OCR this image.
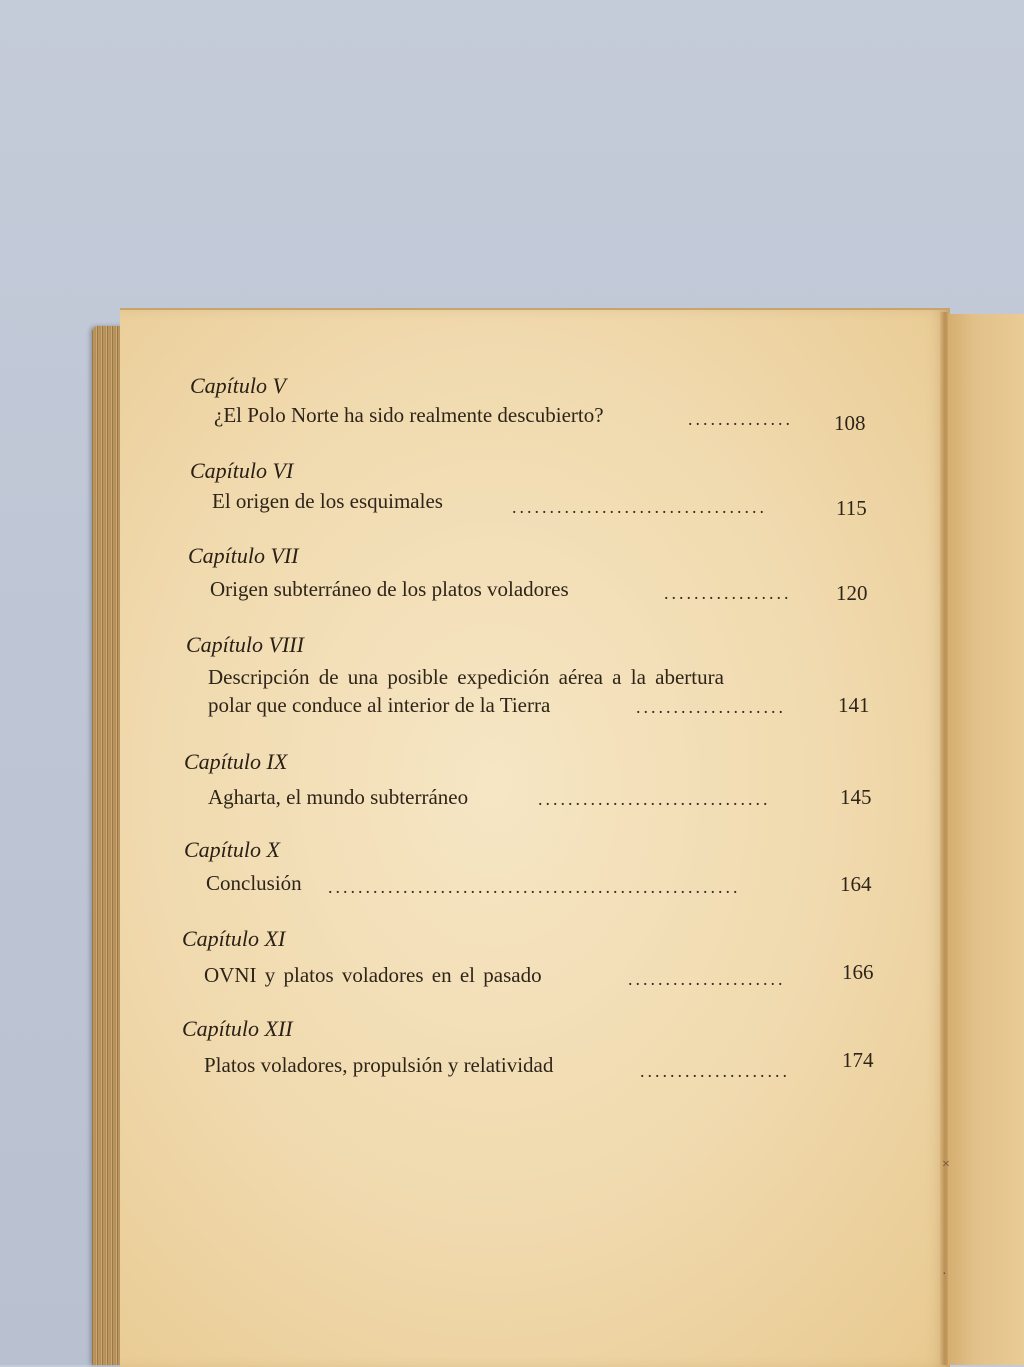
×
·
Capítulo V
¿El Polo Norte ha sido realmente descubierto?	..............	108
Capítulo VI
El origen de los esquimales	..................................	115
Capítulo VII
Origen subterráneo de los platos voladores	.................	120
Capítulo VIII
Descripción de una posible expedición aérea a la abertura
polar que conduce al interior de la Tierra	....................	141
Capítulo IX
Agharta, el mundo subterráneo	...............................	145
Capítulo X
Conclusión .......................................................	164
Capítulo XI
OVNI y platos voladores en el pasado	.....................	166
Capítulo XII
Platos voladores, propulsión y relatividad	....................	174
